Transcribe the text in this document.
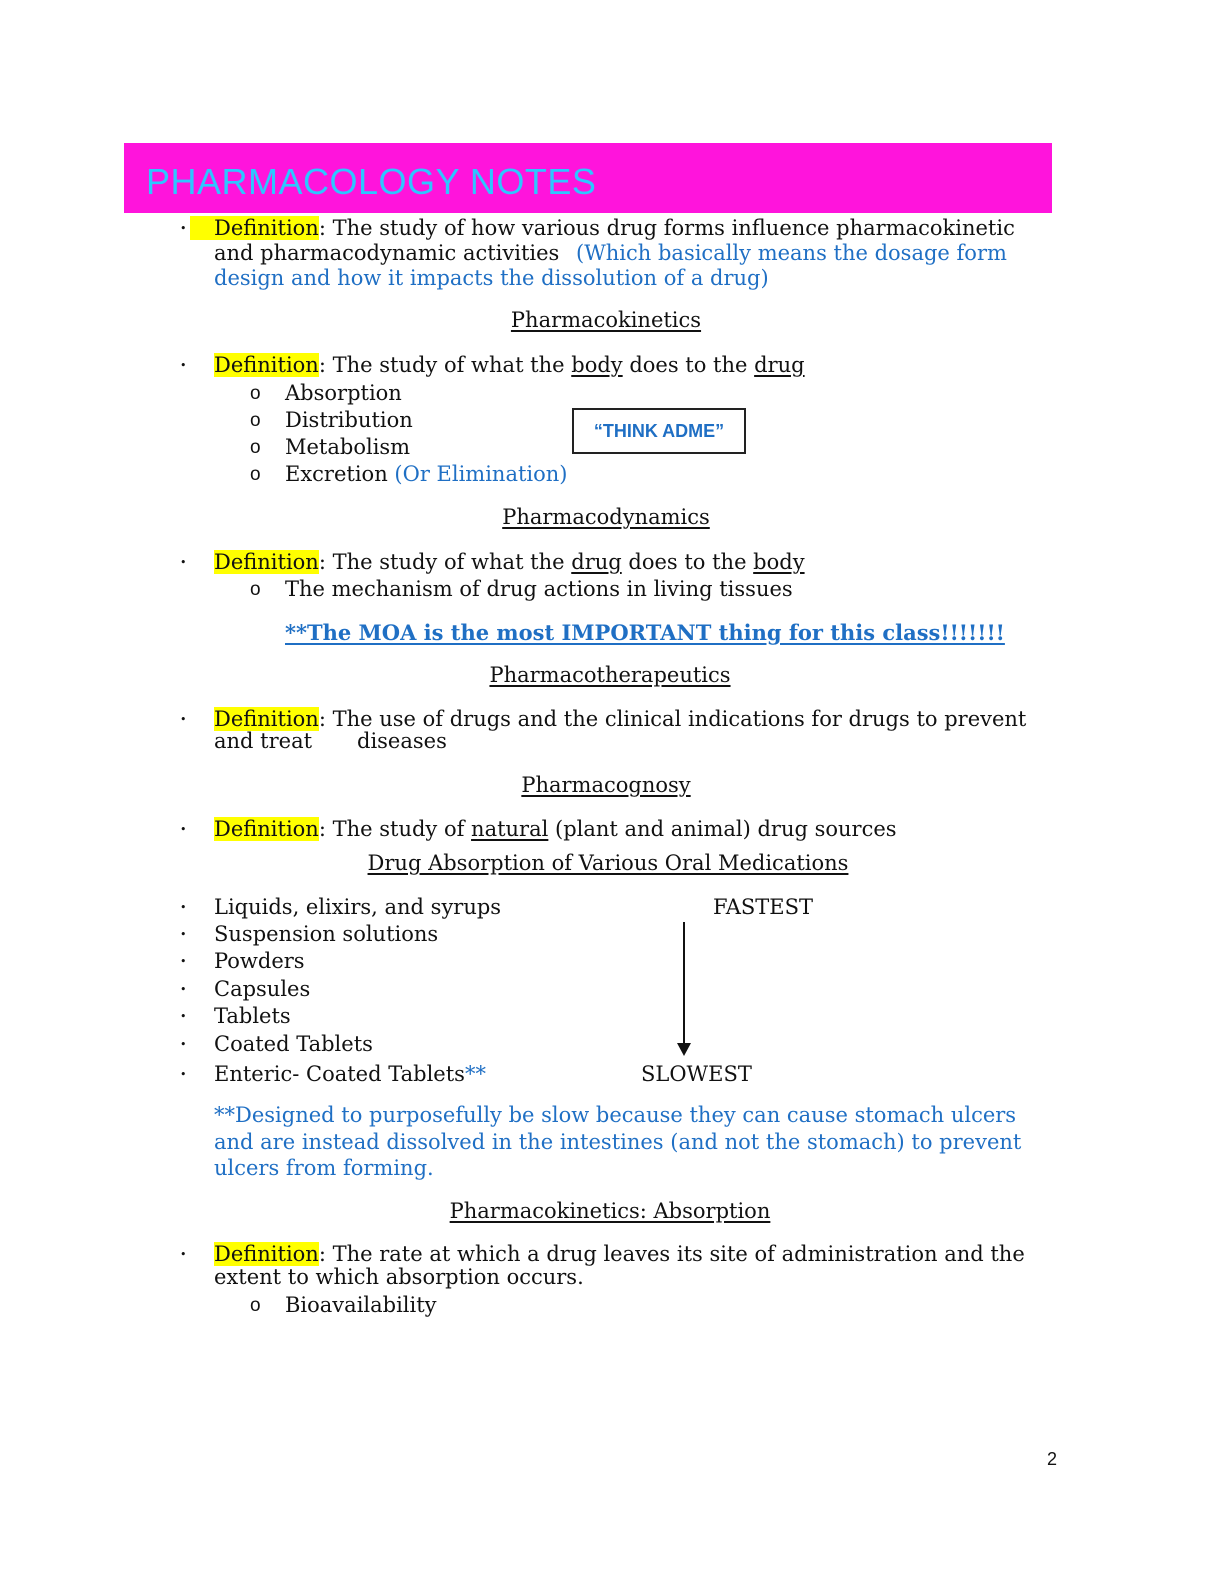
PHARMACOLOGY NOTES
•	Definition: The study of how various drug forms influence pharmacokinetic
and pharmacodynamic activities (Which basically means the dosage form design and how it impacts the dissolution of a drug)
Pharmacokinetics
• Definition: The study of what the body does to the drug
o Absorption
o Distribution
o Metabolism
o Excretion (Or Elimination)
“THINK ADME”
Pharmacodynamics
• Definition: The study of what the drug does to the body
o The mechanism of drug actions in living tissues
**The MOA is the most IMPORTANT thing for this class!!!!!!!
Pharmacotherapeutics
• Definition: The use of drugs and the clinical indications for drugs to prevent
and treat diseases
Pharmacognosy
• Definition: The study of natural (plant and animal) drug sources
Drug Absorption of Various Oral Medications
• Liquids, elixirs, and syrups
• Suspension solutions
• Powders
• Capsules
• Tablets
• Coated Tablets
• Enteric- Coated Tablets**
FASTEST
SLOWEST
**Designed to purposefully be slow because they can cause stomach ulcers and are instead dissolved in the intestines (and not the stomach) to prevent ulcers from forming.
Pharmacokinetics: Absorption
• Definition: The rate at which a drug leaves its site of administration and the
extent to which absorption occurs.
o Bioavailability
2
